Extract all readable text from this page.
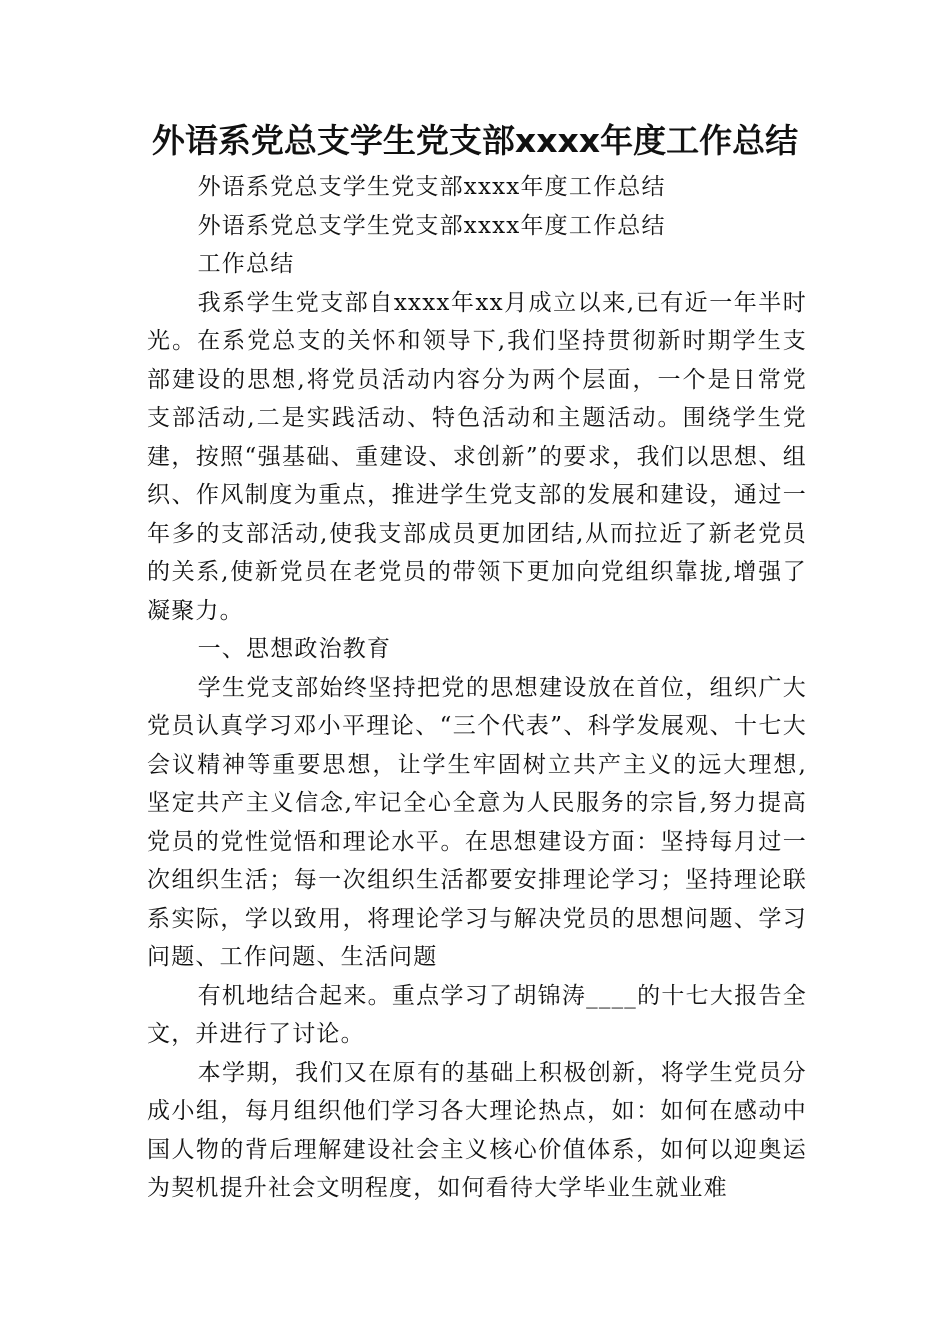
外语系党总支学生党支部xxxx年度工作总结

外语系党总支学生党支部xxxx年度工作总结

外语系党总支学生党支部xxxx年度工作总结

工作总结

我系学生党支部自xxxx年xx月成立以来,已有近一年半时光。在系党总支的关怀和领导下,我们坚持贯彻新时期学生支部建设的思想,将党员活动内容分为两个层面，一个是日常党支部活动,二是实践活动、特色活动和主题活动。围绕学生党建，按照“强基础、重建设、求创新”的要求，我们以思想、组织、作风制度为重点，推进学生党支部的发展和建设，通过一年多的支部活动,使我支部成员更加团结,从而拉近了新老党员的关系,使新党员在老党员的带领下更加向党组织靠拢,增强了凝聚力。

一、思想政治教育

学生党支部始终坚持把党的思想建设放在首位，组织广大党员认真学习邓小平理论、“三个代表”、科学发展观、十七大会议精神等重要思想，让学生牢固树立共产主义的远大理想,坚定共产主义信念,牢记全心全意为人民服务的宗旨,努力提高党员的党性觉悟和理论水平。在思想建设方面：坚持每月过一次组织生活；每一次组织生活都要安排理论学习；坚持理论联系实际，学以致用，将理论学习与解决党员的思想问题、学习问题、工作问题、生活问题

有机地结合起来。重点学习了胡锦涛____的十七大报告全文，并进行了讨论。

本学期，我们又在原有的基础上积极创新，将学生党员分成小组，每月组织他们学习各大理论热点，如：如何在感动中国人物的背后理解建设社会主义核心价值体系，如何以迎奥运为契机提升社会文明程度，如何看待大学毕业生就业难
